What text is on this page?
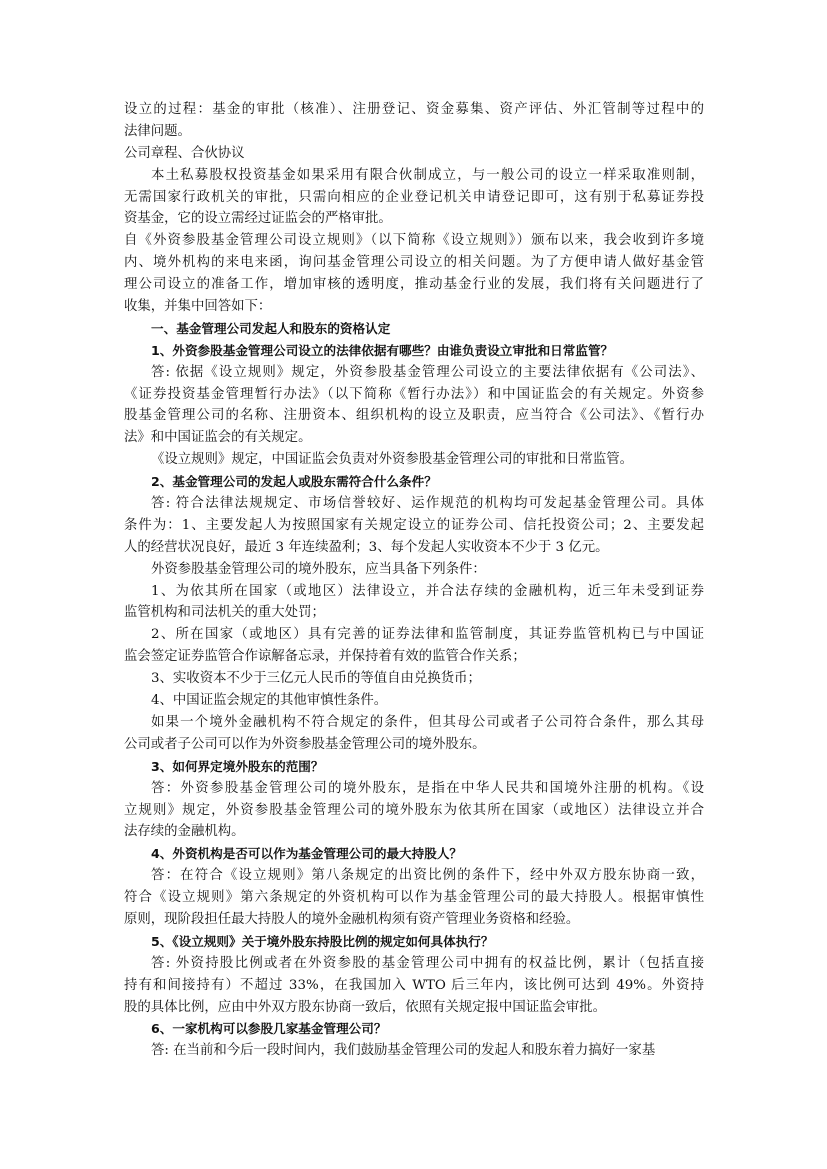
设立的过程：基金的审批（核准）、注册登记、资金募集、资产评估、外汇管制等过程中的
法律问题。
公司章程、合伙协议
本土私募股权投资基金如果采用有限合伙制成立，与一般公司的设立一样采取准则制，
无需国家行政机关的审批，只需向相应的企业登记机关申请登记即可，这有别于私募证券投
资基金，它的设立需经过证监会的严格审批。
自《外资参股基金管理公司设立规则》（以下简称《设立规则》）颁布以来，我会收到许多境
内、境外机构的来电来函，询问基金管理公司设立的相关问题。为了方便申请人做好基金管
理公司设立的准备工作，增加审核的透明度，推动基金行业的发展，我们将有关问题进行了
收集，并集中回答如下：
一、基金管理公司发起人和股东的资格认定
1、外资参股基金管理公司设立的法律依据有哪些？由谁负责设立审批和日常监管？
答: 依据《设立规则》规定，外资参股基金管理公司设立的主要法律依据有《公司法》、
《证券投资基金管理暂行办法》（以下简称《暂行办法》）和中国证监会的有关规定。外资参
股基金管理公司的名称、注册资本、组织机构的设立及职责，应当符合《公司法》、《暂行办
法》和中国证监会的有关规定。
《设立规则》规定，中国证监会负责对外资参股基金管理公司的审批和日常监管。
2、基金管理公司的发起人或股东需符合什么条件？
答: 符合法律法规规定、市场信誉较好、运作规范的机构均可发起基金管理公司。具体
条件为：1、主要发起人为按照国家有关规定设立的证券公司、信托投资公司；2、主要发起
人的经营状况良好，最近 3 年连续盈利；3、每个发起人实收资本不少于 3 亿元。
外资参股基金管理公司的境外股东，应当具备下列条件：
1、为依其所在国家（或地区）法律设立，并合法存续的金融机构，近三年未受到证券
监管机构和司法机关的重大处罚；
2、所在国家（或地区）具有完善的证券法律和监管制度，其证券监管机构已与中国证
监会签定证券监管合作谅解备忘录，并保持着有效的监管合作关系；
3、实收资本不少于三亿元人民币的等值自由兑换货币；
4、中国证监会规定的其他审慎性条件。
如果一个境外金融机构不符合规定的条件，但其母公司或者子公司符合条件，那么其母
公司或者子公司可以作为外资参股基金管理公司的境外股东。
3、如何界定境外股东的范围？
答：外资参股基金管理公司的境外股东，是指在中华人民共和国境外注册的机构。《设
立规则》规定，外资参股基金管理公司的境外股东为依其所在国家（或地区）法律设立并合
法存续的金融机构。
4、外资机构是否可以作为基金管理公司的最大持股人？
答：在符合《设立规则》第八条规定的出资比例的条件下，经中外双方股东协商一致，
符合《设立规则》第六条规定的外资机构可以作为基金管理公司的最大持股人。根据审慎性
原则，现阶段担任最大持股人的境外金融机构须有资产管理业务资格和经验。
5、《设立规则》关于境外股东持股比例的规定如何具体执行？
答: 外资持股比例或者在外资参股的基金管理公司中拥有的权益比例，累计（包括直接
持有和间接持有）不超过 33%，在我国加入 WTO 后三年内，该比例可达到 49%。外资持
股的具体比例，应由中外双方股东协商一致后，依照有关规定报中国证监会审批。
6、一家机构可以参股几家基金管理公司？
答: 在当前和今后一段时间内，我们鼓励基金管理公司的发起人和股东着力搞好一家基
